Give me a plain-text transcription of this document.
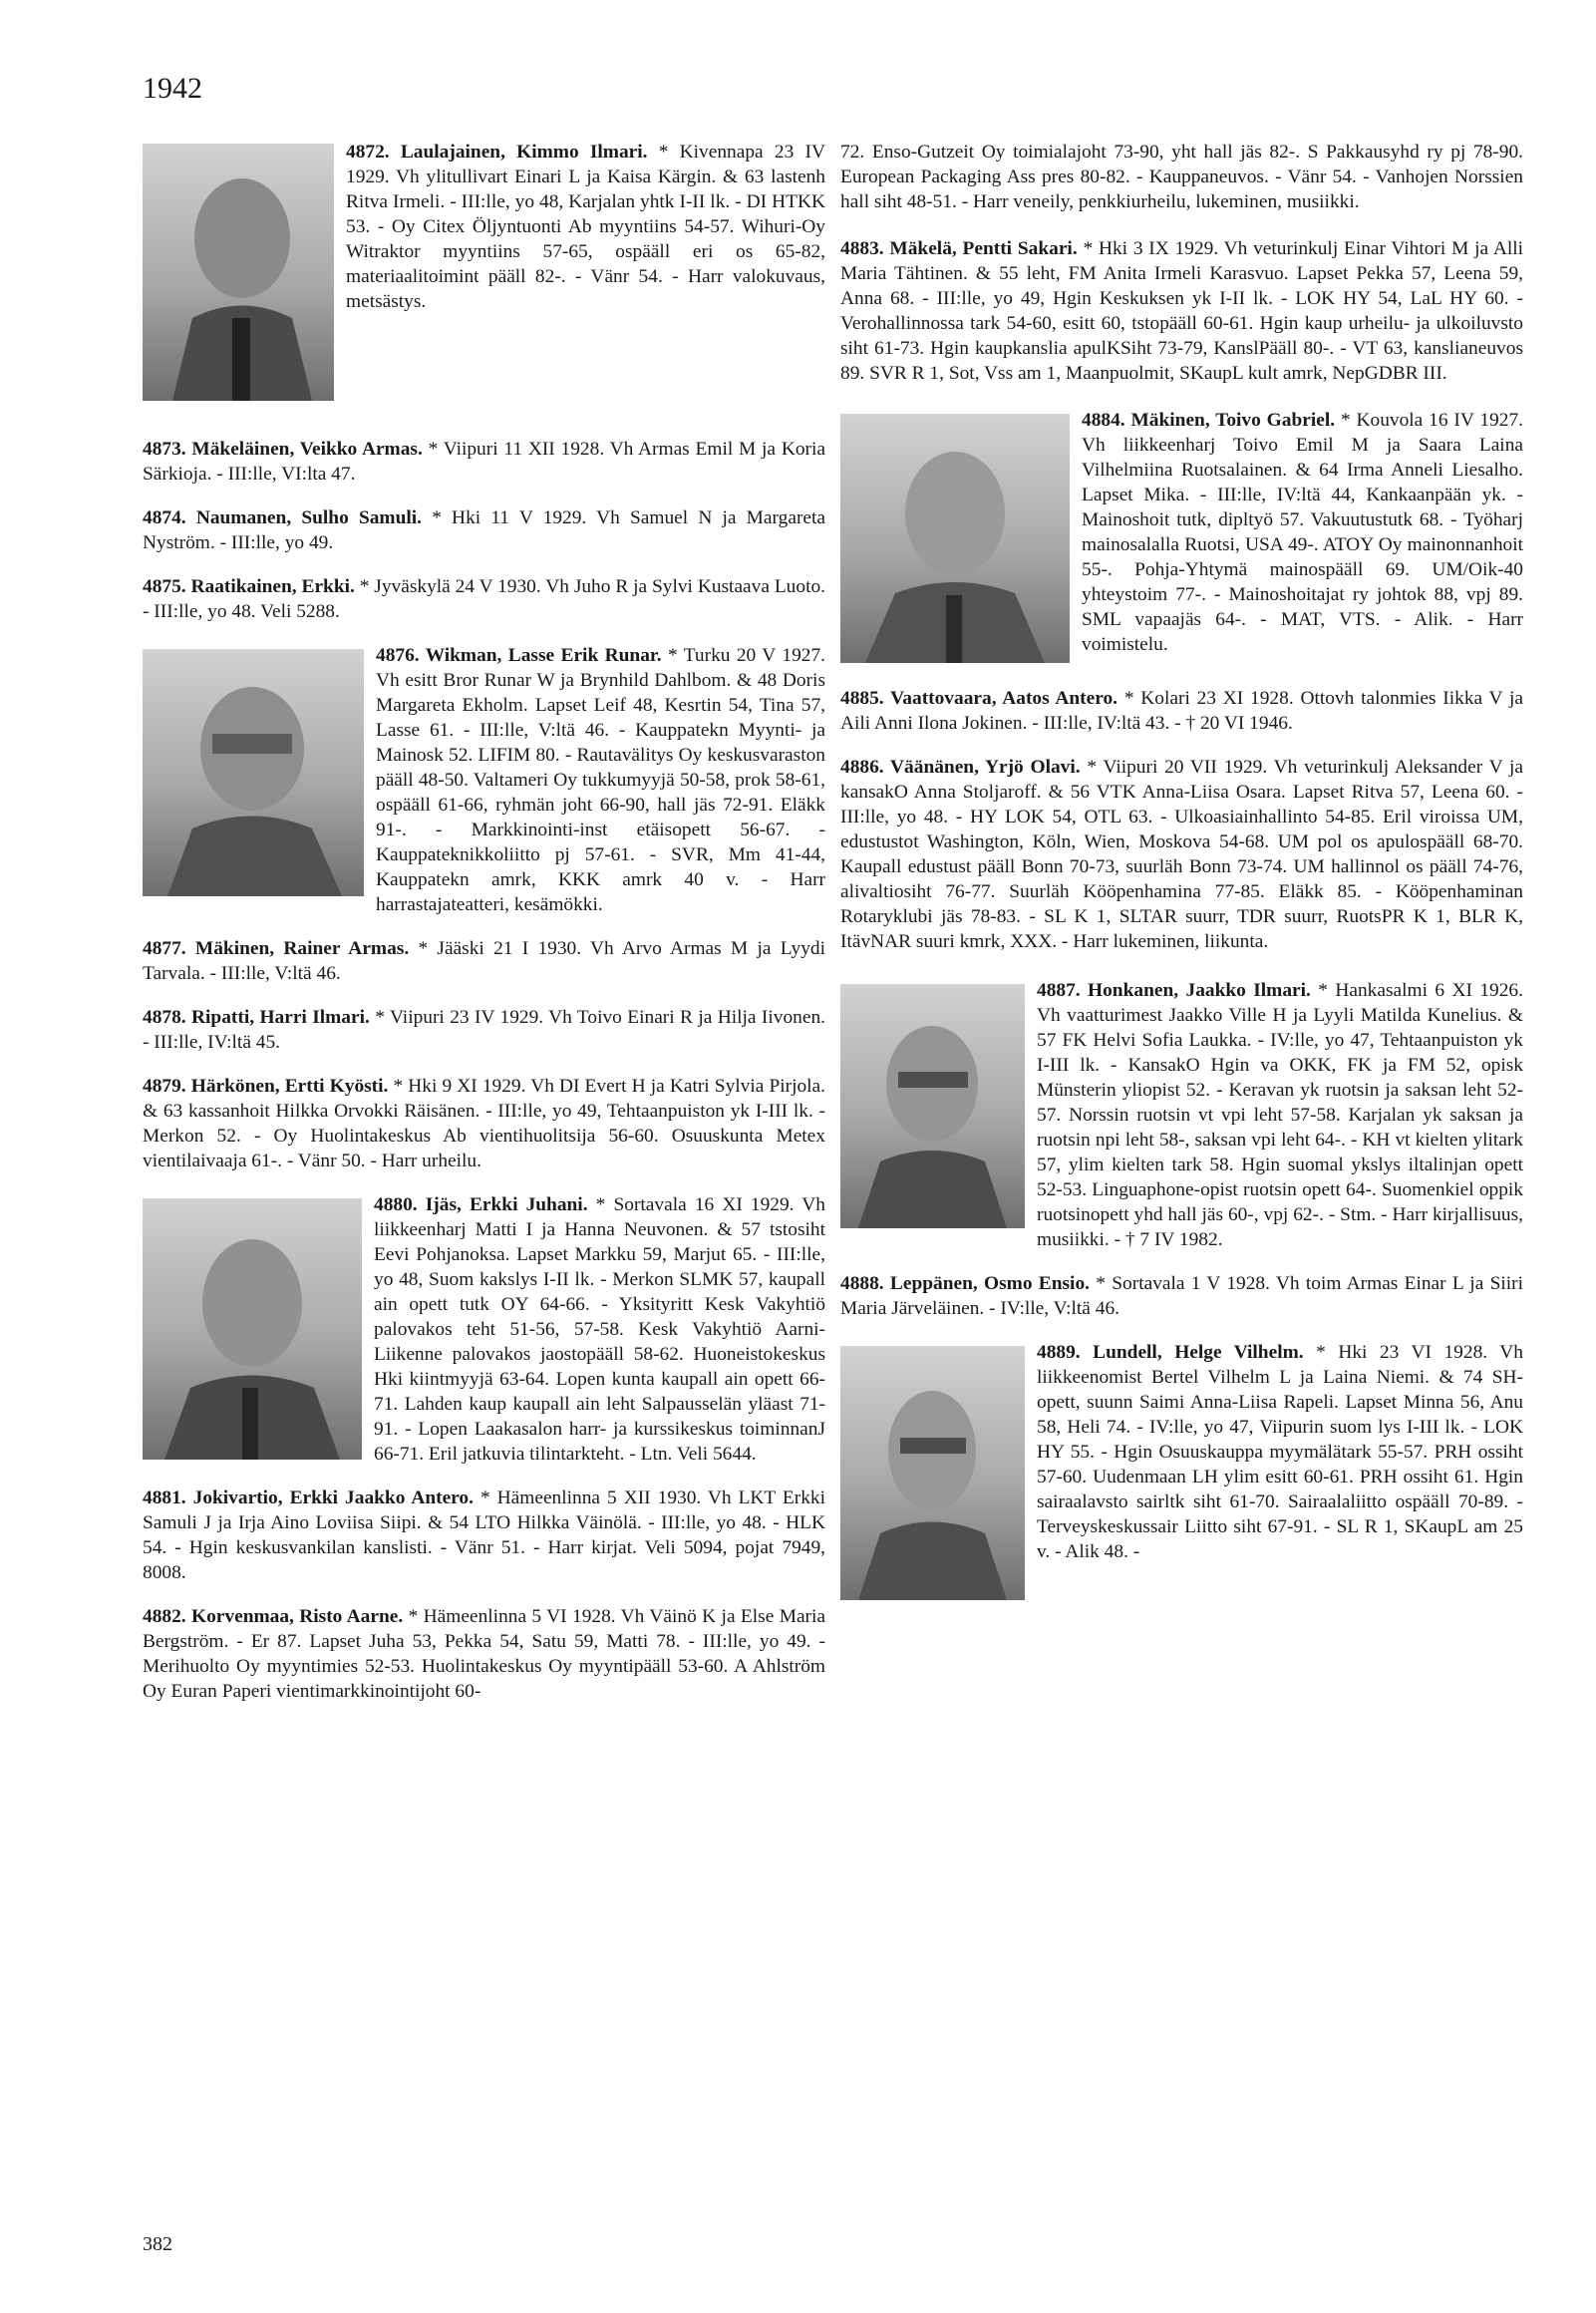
1942
4872. Laulajainen, Kimmo Ilmari. * Kivennapa 23 IV 1929. Vh ylitullivart Einari L ja Kaisa Kärgin. & 63 lastenh Ritva Irmeli. - III:lle, yo 48, Karjalan yhtk I-II lk. - DI HTKK 53. - Oy Citex Öljyntuonti Ab myyntiins 54-57. Wihuri-Oy Witraktor myyntiins 57-65, ospääll eri os 65-82, materiaalitoimint pääll 82-. - Vänr 54. - Harr valokuvaus, metsästys.
4873. Mäkeläinen, Veikko Armas. * Viipuri 11 XII 1928. Vh Armas Emil M ja Koria Särkioja. - III:lle, VI:lta 47.
4874. Naumanen, Sulho Samuli. * Hki 11 V 1929. Vh Samuel N ja Margareta Nyström. - III:lle, yo 49.
4875. Raatikainen, Erkki. * Jyväskylä 24 V 1930. Vh Juho R ja Sylvi Kustaava Luoto. - III:lle, yo 48. Veli 5288.
4876. Wikman, Lasse Erik Runar.
* Turku 20 V 1927. Vh esitt Bror Runar W ja Brynhild Dahlbom. & 48 Doris Margareta Ekholm. Lapset Leif 48, Kesrtin 54, Tina 57, Lasse 61. - III:lle, V:ltä 46. - Kauppatekn Myynti- ja Mainosk 52. LIFIM 80. - Rautavälitys Oy keskusvaraston pääll 48-50. Valtameri Oy tukkumyyjä 50-58, prok 58-61, ospääll 61-66, ryhmän joht 66-90, hall jäs 72-91. Eläkk 91-. - Markkinointi-inst etäisopett 56-67. - Kauppateknikkoliitto pj 57-61. - SVR, Mm 41-44, Kauppatekn amrk, KKK amrk 40 v. - Harr harrastajateatteri, kesämökki.
4877. Mäkinen, Rainer Armas. * Jääski 21 I 1930. Vh Arvo Armas M ja Lyydi Tarvala. - III:lle, V:ltä 46.
4878. Ripatti, Harri Ilmari. * Viipuri 23 IV 1929. Vh Toivo Einari R ja Hilja Iivonen. - III:lle, IV:ltä 45.
4879. Härkönen, Ertti Kyösti. * Hki 9 XI 1929. Vh DI Evert H ja Katri Sylvia Pirjola. & 63 kassanhoit Hilkka Orvokki Räisänen. - III:lle, yo 49, Tehtaanpuiston yk I-III lk. - Merkon 52. - Oy Huolintakeskus Ab vientihuolitsija 56-60. Osuuskunta Metex vientilaivaaja 61-. - Vänr 50. - Harr urheilu.
4880. Ijäs, Erkki Juhani.
* Sortavala 16 XI 1929. Vh liikkeenharj Matti I ja Hanna Neuvonen. & 57 tstosiht Eevi Pohjanoksa. Lapset Markku 59, Marjut 65. - III:lle, yo 48, Suom kakslys I-II lk. - Merkon SLMK 57, kaupall ain opett tutk OY 64-66. - Yksityritt Kesk Vakyhtiö palovakos teht 51-56, 57-58. Kesk Vakyhtiö Aarni-Liikenne palovakos jaostopääll 58-62. Huoneistokeskus Hki kiintmyyjä 63-64. Lopen kunta kaupall ain opett 66-71. Lahden kaup kaupall ain leht Salpausselän yläast 71-91. - Lopen Laakasalon harr- ja kurssikeskus toiminnanJ 66-71. Eril jatkuvia tilintarkteht. - Ltn. Veli 5644.
4881. Jokivartio, Erkki Jaakko Antero. * Hämeenlinna 5 XII 1930. Vh LKT Erkki Samuli J ja Irja Aino Loviisa Siipi. & 54 LTO Hilkka Väinölä. - III:lle, yo 48. - HLK 54. - Hgin keskusvankilan kanslisti. - Vänr 51. - Harr kirjat. Veli 5094, pojat 7949, 8008.
4882. Korvenmaa, Risto Aarne. * Hämeenlinna 5 VI 1928. Vh Väinö K ja Else Maria Bergström. - Er 87. Lapset Juha 53, Pekka 54, Satu 59, Matti 78. - III:lle, yo 49. - Merihuolto Oy myyntimies 52-53. Huolintakeskus Oy myyntipääll 53-60. A Ahlström Oy Euran Paperi vientimarkkinointijoht 60-
72. Enso-Gutzeit Oy toimialajoht 73-90, yht hall jäs 82-. S Pakkausyhd ry pj 78-90. European Packaging Ass pres 80-82. - Kauppaneuvos. - Vänr 54. - Vanhojen Norssien hall siht 48-51. - Harr veneily, penkkiurheilu, lukeminen, musiikki.
4883. Mäkelä, Pentti Sakari. * Hki 3 IX 1929. Vh veturinkulj Einar Vihtori M ja Alli Maria Tähtinen. & 55 leht, FM Anita Irmeli Karasvuo. Lapset Pekka 57, Leena 59, Anna 68. - III:lle, yo 49, Hgin Keskuksen yk I-II lk. - LOK HY 54, LaL HY 60. - Verohallinnossa tark 54-60, esitt 60, tstopääll 60-61. Hgin kaup urheilu- ja ulkoiluvsto siht 61-73. Hgin kaupkanslia apulKSiht 73-79, KanslPääll 80-. - VT 63, kanslianeuvos 89. SVR R 1, Sot, Vss am 1, Maanpuolmit, SKaupL kult amrk, NepGDBR III.
4884. Mäkinen, Toivo Gabriel.
* Kouvola 16 IV 1927. Vh liikkeenharj Toivo Emil M ja Saara Laina Vilhelmiina Ruotsalainen. & 64 Irma Anneli Liesalho. Lapset Mika. - III:lle, IV:ltä 44, Kankaanpään yk. - Mainoshoit tutk, dipltyö 57. Vakuutustutk 68. - Työharj mainosalalla Ruotsi, USA 49-. ATOY Oy mainonnanhoit 55-. Pohja-Yhtymä mainospääll 69. UM/Oik-40 yhteystoim 77-. - Mainoshoitajat ry johtok 88, vpj 89. SML vapaajäs 64-. - MAT, VTS. - Alik. - Harr voimistelu.
4885. Vaattovaara, Aatos Antero. * Kolari 23 XI 1928. Ottovh talonmies Iikka V ja Aili Anni Ilona Jokinen. - III:lle, IV:ltä 43. - † 20 VI 1946.
4886. Väänänen, Yrjö Olavi. * Viipuri 20 VII 1929. Vh veturinkulj Aleksander V ja kansakO Anna Stoljaroff. & 56 VTK Anna-Liisa Osara. Lapset Ritva 57, Leena 60. - III:lle, yo 48. - HY LOK 54, OTL 63. - Ulkoasiainhallinto 54-85. Eril viroissa UM, edustustot Washington, Köln, Wien, Moskova 54-68. UM pol os apulospääll 68-70. Kaupall edustust pääll Bonn 70-73, suurläh Bonn 73-74. UM hallinnol os pääll 74-76, alivaltiosiht 76-77. Suurläh Kööpenhamina 77-85. Eläkk 85. - Kööpenhaminan Rotaryklubi jäs 78-83. - SL K 1, SLTAR suurr, TDR suurr, RuotsPR K 1, BLR K, ItävNAR suuri kmrk, XXX. - Harr lukeminen, liikunta.
4887. Honkanen, Jaakko Ilmari.
* Hankasalmi 6 XI 1926. Vh vaatturimest Jaakko Ville H ja Lyyli Matilda Kunelius. & 57 FK Helvi Sofia Laukka. - IV:lle, yo 47, Tehtaanpuiston yk I-III lk. - KansakO Hgin va OKK, FK ja FM 52, opisk Münsterin yliopist 52. - Keravan yk ruotsin ja saksan leht 52-57. Norssin ruotsin vt vpi leht 57-58. Karjalan yk saksan ja ruotsin npi leht 58-, saksan vpi leht 64-. - KH vt kielten ylitark 57, ylim kielten tark 58. Hgin suomal ykslys iltalinjan opett 52-53. Linguaphone-opist ruotsin opett 64-. Suomenkiel oppik ruotsinopett yhd hall jäs 60-, vpj 62-. - Stm. - Harr kirjallisuus, musiikki. - † 7 IV 1982.
4888. Leppänen, Osmo Ensio. * Sortavala 1 V 1928. Vh toim Armas Einar L ja Siiri Maria Järveläinen. - IV:lle, V:ltä 46.
4889. Lundell, Helge Vilhelm.
* Hki 23 VI 1928. Vh liikkeenomist Bertel Vilhelm L ja Laina Niemi. & 74 SH-opett, suunn Saimi Anna-Liisa Rapeli. Lapset Minna 56, Anu 58, Heli 74. - IV:lle, yo 47, Viipurin suom lys I-III lk. - LOK HY 55. - Hgin Osuuskauppa myymälätark 55-57. PRH ossiht 57-60. Uudenmaan LH ylim esitt 60-61. PRH ossiht 61. Hgin sairaalavsto sairltk siht 61-70. Sairaalaliitto ospääll 70-89. - Terveyskeskussair Liitto siht 67-91. - SL R 1, SKaupL am 25 v. - Alik 48. -
382
